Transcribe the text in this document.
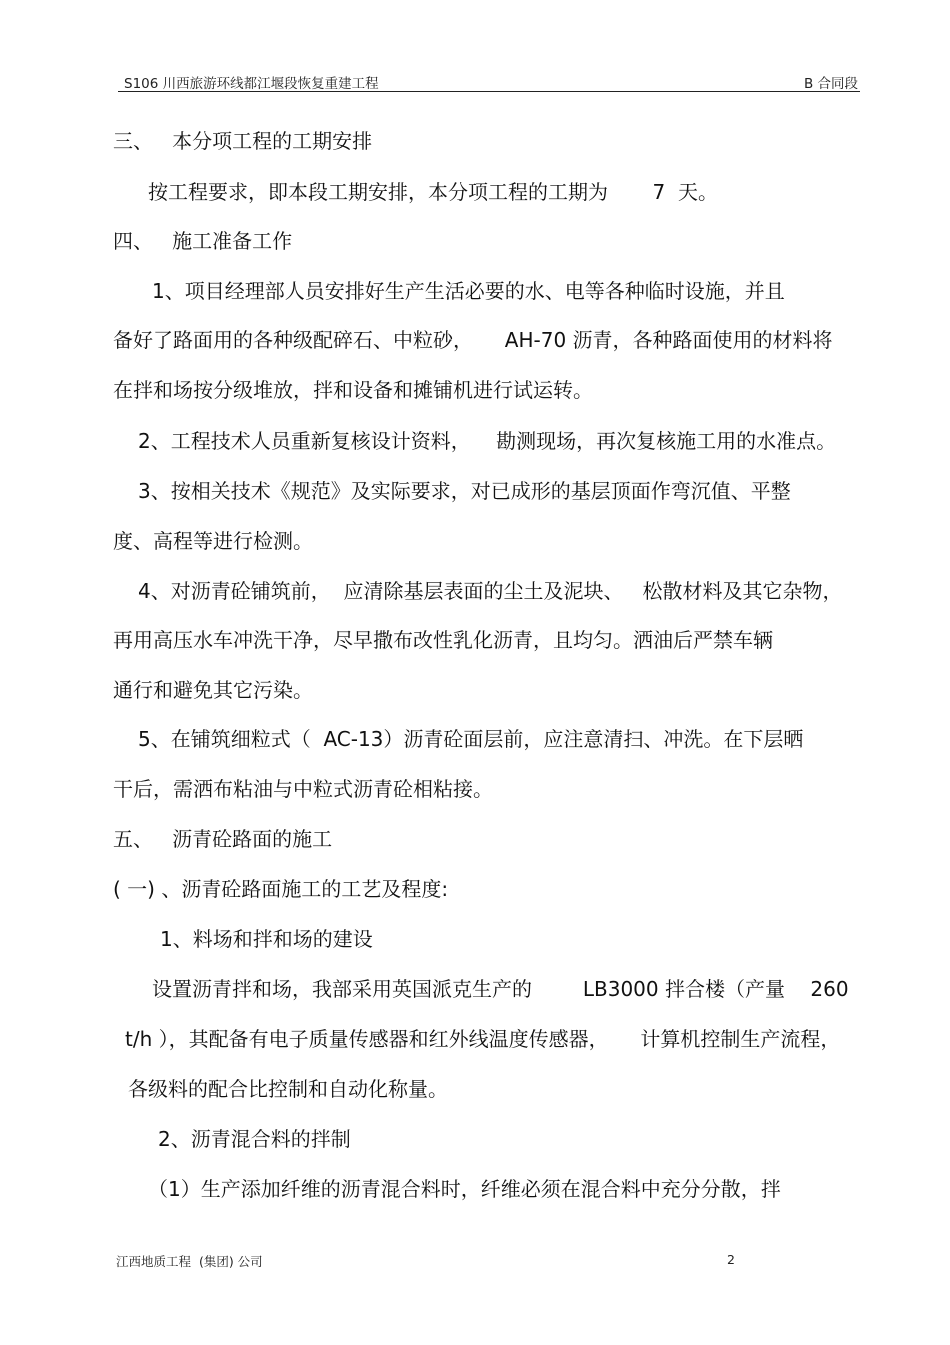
S106 川西旅游环线都江堰段恢复重建工程	B 合同段
三、   本分项工程的工期安排
按工程要求，即本段工期安排，本分项工程的工期为       7  天。
四、   施工准备工作
1、项目经理部人员安排好生产生活必要的水、电等各种临时设施，并且
备好了路面用的各种级配碎石、中粒砂，     AH-70 沥青，各种路面使用的材料将
在拌和场按分级堆放，拌和设备和摊铺机进行试运转。
2、工程技术人员重新复核设计资料，    勘测现场，再次复核施工用的水准点。
3、按相关技术《规范》及实际要求，对已成形的基层顶面作弯沉值、平整
度、高程等进行检测。
4、对沥青砼铺筑前，  应清除基层表面的尘土及泥块、   松散材料及其它杂物，
再用高压水车冲洗干净，尽早撒布改性乳化沥青，且均匀。洒油后严禁车辆
通行和避免其它污染。
5、在铺筑细粒式（  AC-13）沥青砼面层前，应注意清扫、冲洗。在下层晒
干后，需洒布粘油与中粒式沥青砼相粘接。
五、   沥青砼路面的施工
( 一) 、沥青砼路面施工的工艺及程度:
1、料场和拌和场的建设
设置沥青拌和场，我部采用英国派克生产的        LB3000 拌合楼（产量    260
t/h ），其配备有电子质量传感器和红外线温度传感器，     计算机控制生产流程，
各级料的配合比控制和自动化称量。
2、沥青混合料的拌制
（1）生产添加纤维的沥青混合料时，纤维必须在混合料中充分分散，拌
江西地质工程  (集团) 公司	2
